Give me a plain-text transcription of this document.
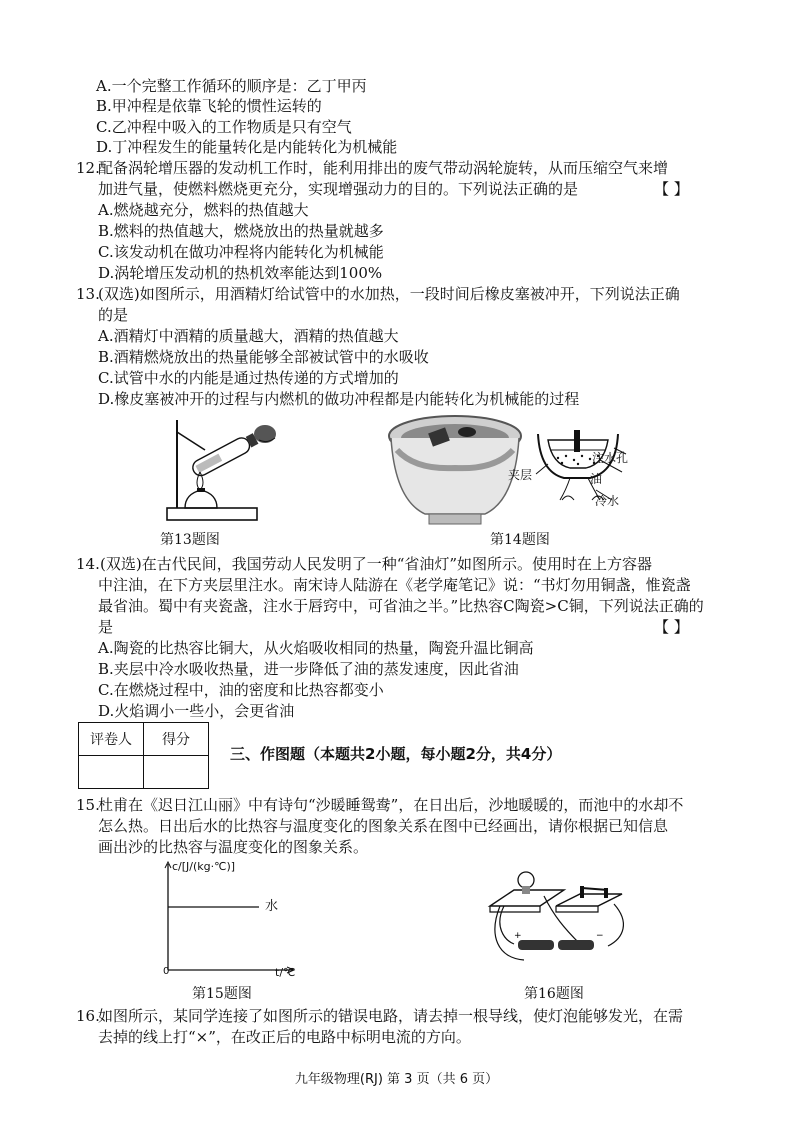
A.一个完整工作循环的顺序是：乙丁甲丙
B.甲冲程是依靠飞轮的惯性运转的
C.乙冲程中吸入的工作物质是只有空气
D.丁冲程发生的能量转化是内能转化为机械能
12.
配备涡轮增压器的发动机工作时，能利用排出的废气带动涡轮旋转，从而压缩空气来增
加进气量，使燃料燃烧更充分，实现增强动力的目的。下列说法正确的是	【 】
A.燃烧越充分，燃料的热值越大
B.燃料的热值越大，燃烧放出的热量就越多
C.该发动机在做功冲程将内能转化为机械能
D.涡轮增压发动机的热机效率能达到100%
13.
(双选)如图所示，用酒精灯给试管中的水加热，一段时间后橡皮塞被冲开，下列说法正确
的是
A.酒精灯中酒精的质量越大，酒精的热值越大
B.酒精燃烧放出的热量能够全部被试管中的水吸收
C.试管中水的内能是通过热传递的方式增加的
D.橡皮塞被冲开的过程与内燃机的做功冲程都是内能转化为机械能的过程
第13题图
注水孔
油
夹层
冷水
第14题图
14. (双选)在古代民间，我国劳动人民发明了一种“省油灯”如图所示。使用时在上方容器
中注油，在下方夹层里注水。南宋诗人陆游在《老学庵笔记》说：“书灯勿用铜盏，惟瓷盏
最省油。蜀中有夹瓷盏，注水于唇窍中，可省油之半。”比热容C陶瓷>C铜，下列说法正确的
是	【 】
A.陶瓷的比热容比铜大，从火焰吸收相同的热量，陶瓷升温比铜高
B.夹层中冷水吸收热量，进一步降低了油的蒸发速度，因此省油
C.在燃烧过程中，油的密度和比热容都变小
D.火焰调小一些小，会更省油
评卷人	得分

三、作图题（本题共2小题，每小题2分，共4分）
15.
杜甫在《迟日江山丽》中有诗句“沙暖睡鸳鸯”，在日出后，沙地暖暖的，而池中的水却不
怎么热。日出后水的比热容与温度变化的图象关系在图中已经画出，请你根据已知信息
画出沙的比热容与温度变化的图象关系。
c/[J/(kg·℃)]
0	t/℃
水
第15题图
+	−
第16题图
16.
如图所示，某同学连接了如图所示的错误电路，请去掉一根导线，使灯泡能够发光，在需
去掉的线上打“×”，在改正后的电路中标明电流的方向。
九年级物理(RJ) 第 3 页（共 6 页）
